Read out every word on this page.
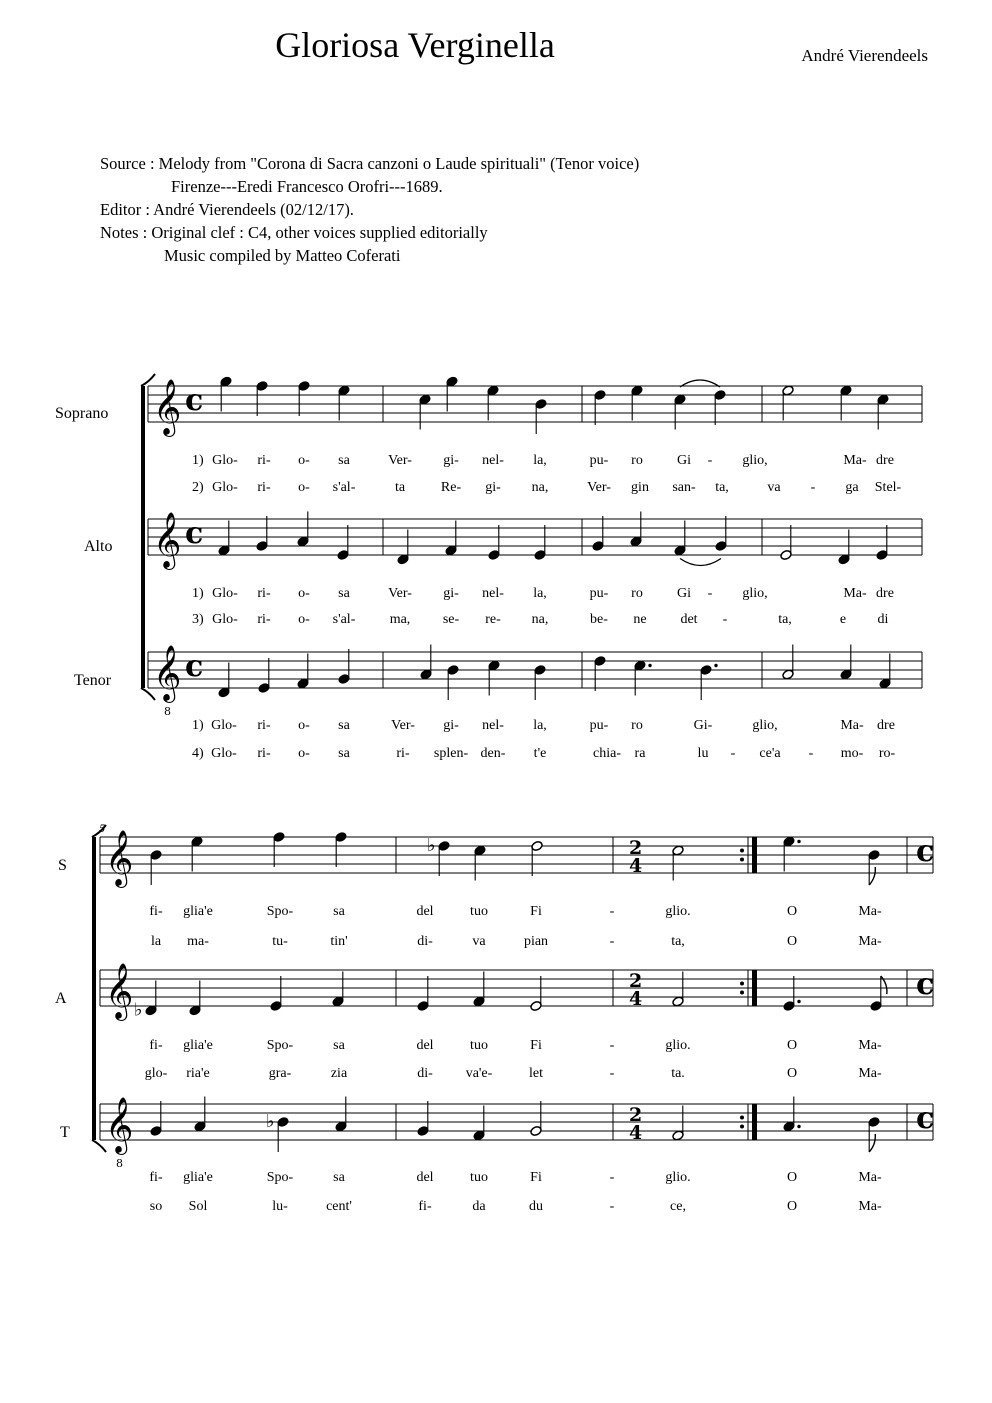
Gloriosa Verginella	André Vierendeels
Source : Melody from "Corona di Sacra canzoni o Laude spirituali" (Tenor voice)
Firenze---Eredi Francesco Orofri---1689.
Editor : André Vierendeels (02/12/17).
Notes : Original clef : C4, other voices supplied editorially
Music compiled by Matteo Coferati
𝄞 c
𝄞 c
𝄞
8
c
5
𝄞	2
4	c
𝄞	2
4	c
𝄞
8
2
4	c
♭
♭
♭
1) Glo- ri- o- sa	Ver- gi- nel- la,	pu- ro Gi - glio,	Ma- dre
2) Glo- ri- o- s'al-	ta	Re- gi- na,	Ver- gin san- ta,	va - ga Stel-
1) Glo- ri- o- sa	Ver- gi- nel- la,	pu- ro Gi - glio,	Ma- dre
3) Glo- ri- o- s'al- ma, se- re- na,	be- ne det -	ta,	e di
1) Glo- ri- o- sa	Ver- gi- nel- la,	pu- ro	Gi-	glio,	Ma- dre
4) Glo- ri- o- sa	ri- splen- den- t'e	chia- ra	lu - ce'a - mo- ro-
fi- glia'e	Spo-	sa	del	tuo	Fi	-	glio.	O	Ma-
la ma-	tu-	tin'	di-	va	pian	-	ta,	O	Ma-
fi- glia'e	Spo-	sa	del	tuo	Fi	-	glio.	O	Ma-
glo- ria'e	gra-	zia	di- va'e-	let	-	ta.	O	Ma-
fi- glia'e	Spo-	sa	del	tuo	Fi	-	glio.	O	Ma-
so Sol	lu-	cent'	fi-	da	du	-	ce,	O	Ma-
Soprano
Alto
Tenor
S
A
T
